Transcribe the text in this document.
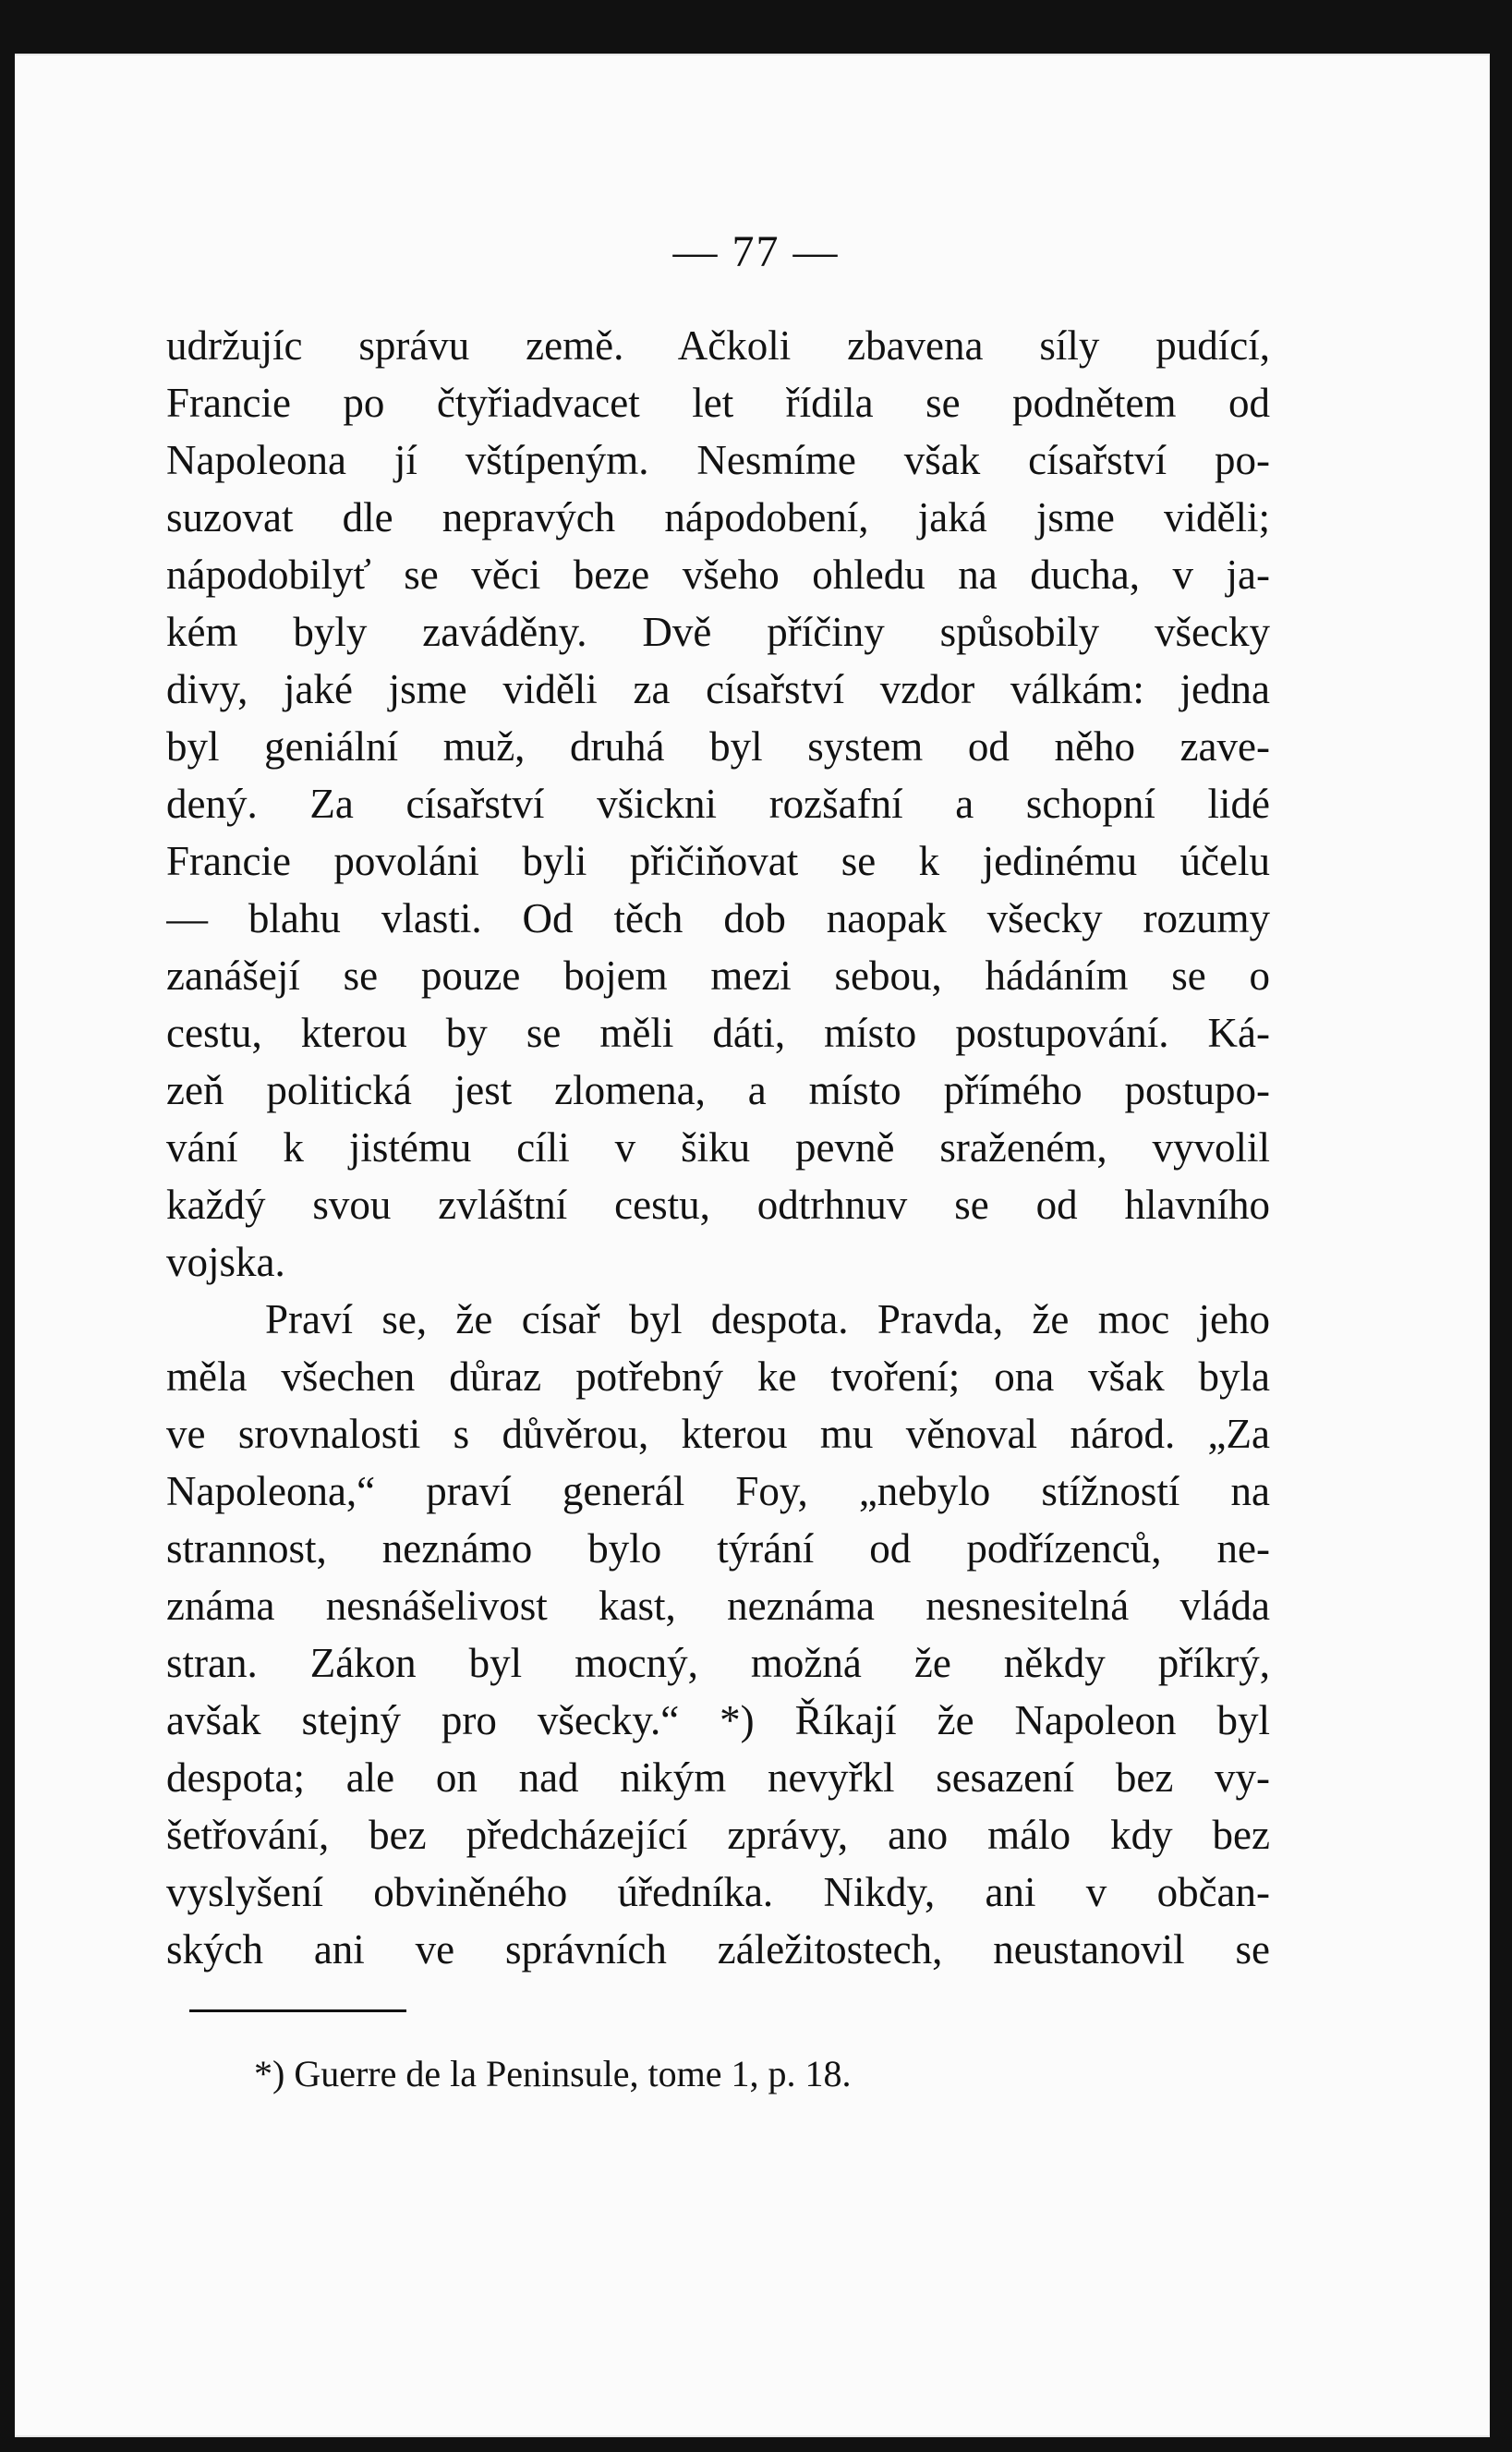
— 77 —
udržujíc správu země. Ačkoli zbavena síly pudící,
Francie po čtyřiadvacet let řídila se podnětem od
Napoleona jí vštípeným. Nesmíme však císařství po-
suzovat dle nepravých nápodobení, jaká jsme viděli;
nápodobilyť se věci beze všeho ohledu na ducha, v ja-
kém byly zaváděny. Dvě příčiny spůsobily všecky
divy, jaké jsme viděli za císařství vzdor válkám: jedna
byl geniální muž, druhá byl system od něho zave-
dený. Za císařství všickni rozšafní a schopní lidé
Francie povoláni byli přičiňovat se k jedinému účelu
— blahu vlasti. Od těch dob naopak všecky rozumy
zanášejí se pouze bojem mezi sebou, hádáním se o
cestu, kterou by se měli dáti, místo postupování. Ká-
zeň politická jest zlomena, a místo přímého postupo-
vání k jistému cíli v šiku pevně sraženém, vyvolil
každý svou zvláštní cestu, odtrhnuv se od hlavního
vojska.
Praví se, že císař byl despota. Pravda, že moc jeho
měla všechen důraz potřebný ke tvoření; ona však byla
ve srovnalosti s důvěrou, kterou mu věnoval národ. „Za
Napoleona,“ praví generál Foy, „nebylo stížností na
strannost, neznámo bylo týrání od podřízenců, ne-
známa nesnášelivost kast, neznáma nesnesitelná vláda
stran. Zákon byl mocný, možná že někdy příkrý,
avšak stejný pro všecky.“ *) Říkají že Napoleon byl
despota; ale on nad nikým nevyřkl sesazení bez vy-
šetřování, bez předcházející zprávy, ano málo kdy bez
vyslyšení obviněného úředníka. Nikdy, ani v občan-
ských ani ve správních záležitostech, neustanovil se
*) Guerre de la Peninsule, tome 1, p. 18.
